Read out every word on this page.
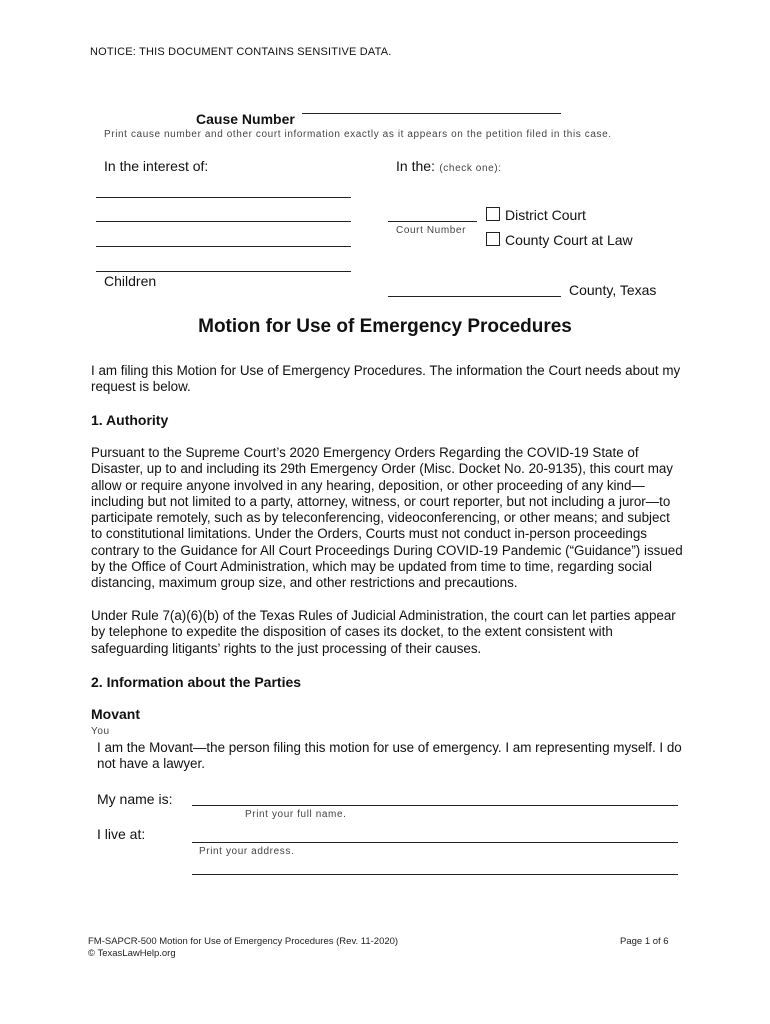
NOTICE: THIS DOCUMENT CONTAINS SENSITIVE DATA.
Cause Number
Print cause number and other court information exactly as it appears on the petition filed in this case.
In the interest of:
Children
In the: (check one):
Court Number
District Court
County Court at Law
County, Texas
Motion for Use of Emergency Procedures
I am filing this Motion for Use of Emergency Procedures. The information the Court needs about my request is below.
1. Authority
Pursuant to the Supreme Court’s 2020 Emergency Orders Regarding the COVID-19 State of Disaster, up to and including its 29th Emergency Order (Misc. Docket No. 20-9135), this court may allow or require anyone involved in any hearing, deposition, or other proceeding of any kind—including but not limited to a party, attorney, witness, or court reporter, but not including a juror—to participate remotely, such as by teleconferencing, videoconferencing, or other means; and subject to constitutional limitations. Under the Orders, Courts must not conduct in-person proceedings contrary to the Guidance for All Court Proceedings During COVID-19 Pandemic (“Guidance”) issued by the Office of Court Administration, which may be updated from time to time, regarding social distancing, maximum group size, and other restrictions and precautions.
Under Rule 7(a)(6)(b) of the Texas Rules of Judicial Administration, the court can let parties appear by telephone to expedite the disposition of cases its docket, to the extent consistent with safeguarding litigants’ rights to the just processing of their causes.
2. Information about the Parties
Movant
You
I am the Movant—the person filing this motion for use of emergency. I am representing myself. I do not have a lawyer.
My name is:
Print your full name.
I live at:
Print your address.
FM-SAPCR-500 Motion for Use of Emergency Procedures (Rev. 11-2020)
© TexasLawHelp.org
Page 1 of 6
